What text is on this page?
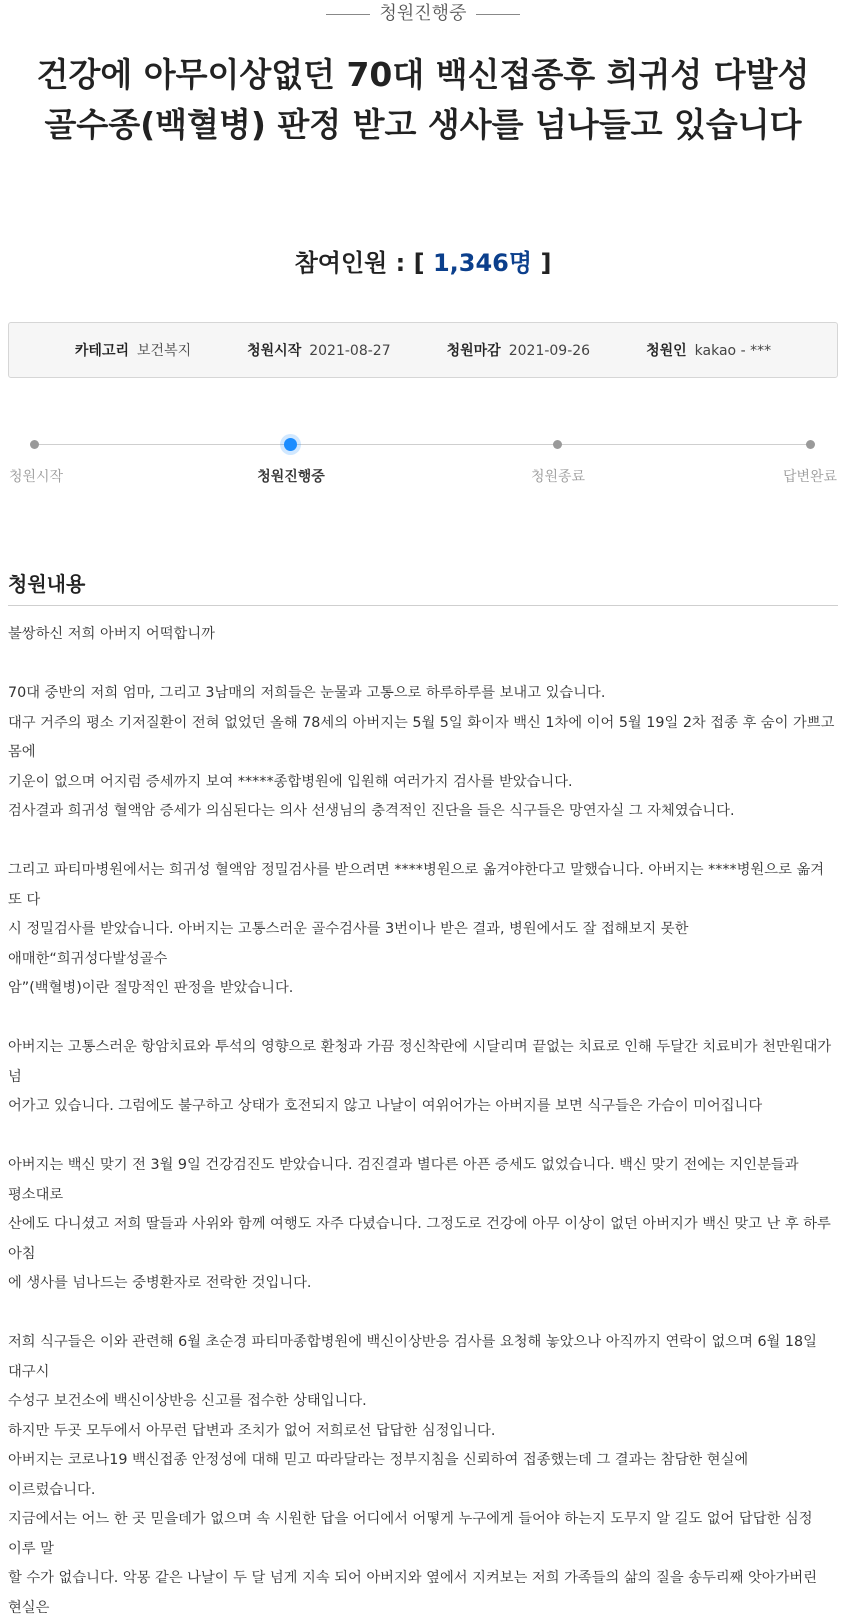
청원진행중
건강에 아무이상없던 70대 백신접종후 희귀성 다발성골수종(백혈병) 판정 받고 생사를 넘나들고 있습니다
참여인원 : [ 1,346명 ]
카테고리 보건복지	청원시작 2021-08-27	청원마감 2021-09-26	청원인 kakao - ***
청원시작	청원진행중	청원종료	답변완료
청원내용

불쌍하신 저희 아버지 어떡합니까

70대 중반의 저희 엄마, 그리고 3남매의 저희들은 눈물과 고통으로 하루하루를 보내고 있습니다.

대구 거주의 평소 기저질환이 전혀 없었던 올해 78세의 아버지는 5월 5일 화이자 백신 1차에 이어 5월 19일 2차 접종 후 숨이 가쁘고 몸에

기운이 없으며 어지럼 증세까지 보여 *****종합병원에 입원해 여러가지 검사를 받았습니다.

검사결과 희귀성 혈액암 증세가 의심된다는 의사 선생님의 충격적인 진단을 들은 식구들은 망연자실 그 자체였습니다.

그리고 파티마병원에서는 희귀성 혈액암 정밀검사를 받으려면 ****병원으로 옮겨야한다고 말했습니다. 아버지는 ****병원으로 옮겨 또 다

시 정밀검사를 받았습니다. 아버지는 고통스러운 골수검사를 3번이나 받은 결과, 병원에서도 잘 접해보지 못한 애매한“희귀성다발성골수

암”(백혈병)이란 절망적인 판정을 받았습니다.

아버지는 고통스러운 항암치료와 투석의 영향으로 환청과 가끔 정신착란에 시달리며 끝없는 치료로 인해 두달간 치료비가 천만원대가 넘

어가고 있습니다. 그럼에도 불구하고 상태가 호전되지 않고 나날이 여위어가는 아버지를 보면 식구들은 가슴이 미어집니다

아버지는 백신 맞기 전 3월 9일 건강검진도 받았습니다. 검진결과 별다른 아픈 증세도 없었습니다. 백신 맞기 전에는 지인분들과 평소대로

산에도 다니셨고 저희 딸들과 사위와 함께 여행도 자주 다녔습니다. 그정도로 건강에 아무 이상이 없던 아버지가 백신 맞고 난 후 하루 아침

에 생사를 넘나드는 중병환자로 전락한 것입니다.

저희 식구들은 이와 관련해 6월 초순경 파티마종합병원에 백신이상반응 검사를 요청해 놓았으나 아직까지 연락이 없으며 6월 18일 대구시

수성구 보건소에 백신이상반응 신고를 접수한 상태입니다.

하지만 두곳 모두에서 아무런 답변과 조치가 없어 저희로선 답답한 심정입니다.

아버지는 코로나19 백신접종 안정성에 대해 믿고 따라달라는 정부지침을 신뢰하여 접종했는데 그 결과는 참담한 현실에 이르렀습니다.

지금에서는 어느 한 곳 믿을데가 없으며 속 시원한 답을 어디에서 어떻게 누구에게 들어야 하는지 도무지 알 길도 없어 답답한 심정 이루 말

할 수가 없습니다. 악몽 같은 나날이 두 달 넘게 지속 되어 아버지와 옆에서 지켜보는 저희 가족들의 삶의 질을 송두리째 앗아가버린 현실은
